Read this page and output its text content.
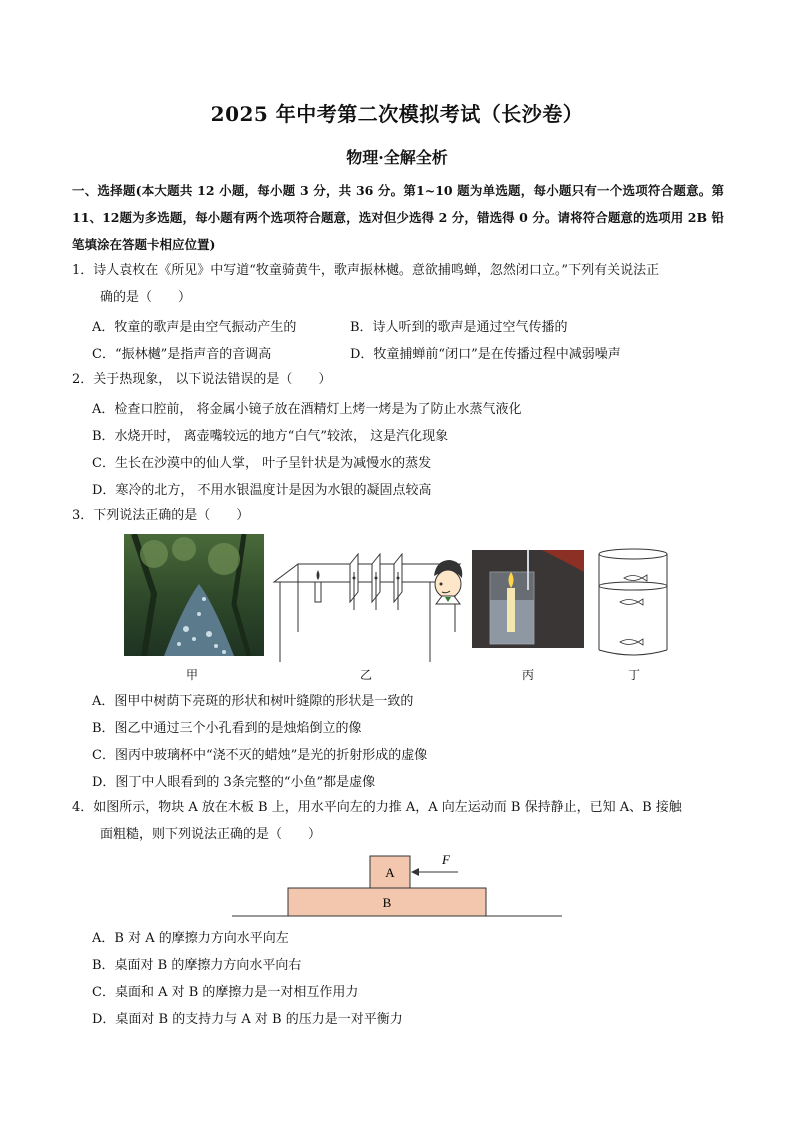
2025 年中考第二次模拟考试（长沙卷）
物理·全解全析
一、选择题(本大题共 12 小题，每小题 3 分，共 36 分。第1~10 题为单选题，每小题只有一个选项符合题意。第11、12题为多选题，每小题有两个选项符合题意，选对但少选得 2 分，错选得 0 分。请将符合题意的选项用 2B 铅笔填涂在答题卡相应位置)
1．诗人袁枚在《所见》中写道“牧童骑黄牛，歌声振林樾。意欲捕鸣蝉，忽然闭口立。”下列有关说法正
确的是（　　）
A．牧童的歌声是由空气振动产生的	B．诗人听到的歌声是通过空气传播的
C．“振林樾”是指声音的音调高	D．牧童捕蝉前“闭口”是在传播过程中减弱噪声
2．关于热现象， 以下说法错误的是（　　）
A．检查口腔前， 将金属小镜子放在酒精灯上烤一烤是为了防止水蒸气液化
B．水烧开时， 离壶嘴较远的地方“白气”较浓， 这是汽化现象
C．生长在沙漠中的仙人掌， 叶子呈针状是为减慢水的蒸发
D．寒冷的北方， 不用水银温度计是因为水银的凝固点较高
3．下列说法正确的是（　　）
甲	乙	丙	丁
A．图甲中树荫下亮斑的形状和树叶缝隙的形状是一致的
B．图乙中通过三个小孔看到的是烛焰倒立的像
C．图丙中玻璃杯中“浇不灭的蜡烛”是光的折射形成的虚像
D．图丁中人眼看到的 3条完整的“小鱼”都是虚像
4．如图所示，物块 A 放在木板 B 上，用水平向左的力推 A，A 向左运动而 B 保持静止，已知 A、B 接触
面粗糙，则下列说法正确的是（　　）
A
B
F
A．B 对 A 的摩擦力方向水平向左
B．桌面对 B 的摩擦力方向水平向右
C．桌面和 A 对 B 的摩擦力是一对相互作用力
D．桌面对 B 的支持力与 A 对 B 的压力是一对平衡力
